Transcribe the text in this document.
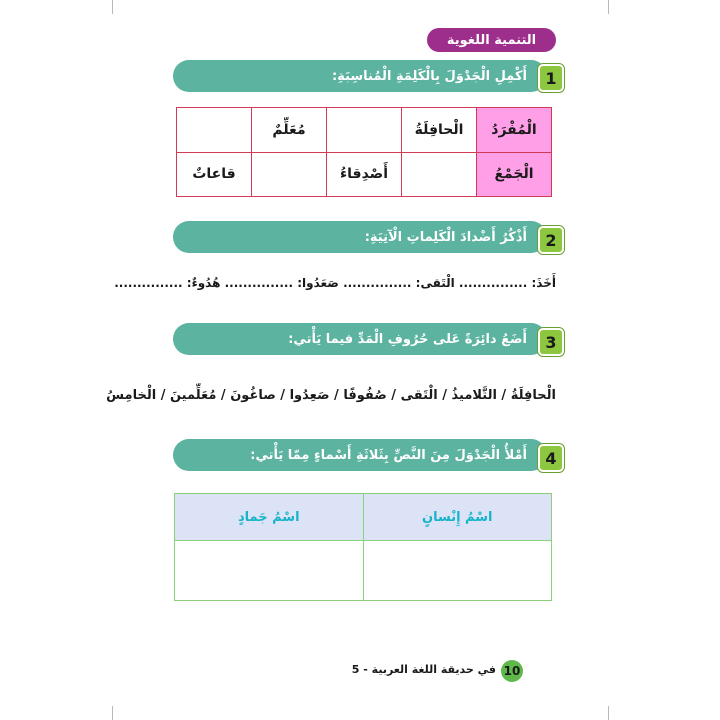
التنمية اللغوية
أَكْمِلِ الْجَدْوَلَ بِالْكَلِمَةِ الْمُناسِبَةِ:	1
الْمُفْرَدُ	الْحافِلَةُ		مُعَلِّمٌ	
الْجَمْعُ		أَصْدِقاءُ		قاعاتٌ
أَذْكُرُ أَضْدادَ الْكَلِماتِ الْآتِيَةِ:	2
أَخَذَ: ............... الْتَقى: ............... صَعَدُوا: ............... هُدُوءٌ: ...............
أَضَعُ دائِرَةً عَلى حُرُوفِ الْمَدِّ فيما يَأْتي:	3
الْحافِلَةُ / التَّلاميذُ / الْتَقى / صُفُوفًا / صَعِدُوا / صاغُونَ / مُعَلِّمينَ / الْخامِسُ
أَمْلأُ الْجَدْوَلَ مِنَ النَّصِّ بِثَلاثَةِ أَسْماءٍ مِمّا يَأْتي:	4
اسْمُ إِنْسانٍ	اسْمُ جَمادٍ

10
في حديقة اللغة العربية - 5
